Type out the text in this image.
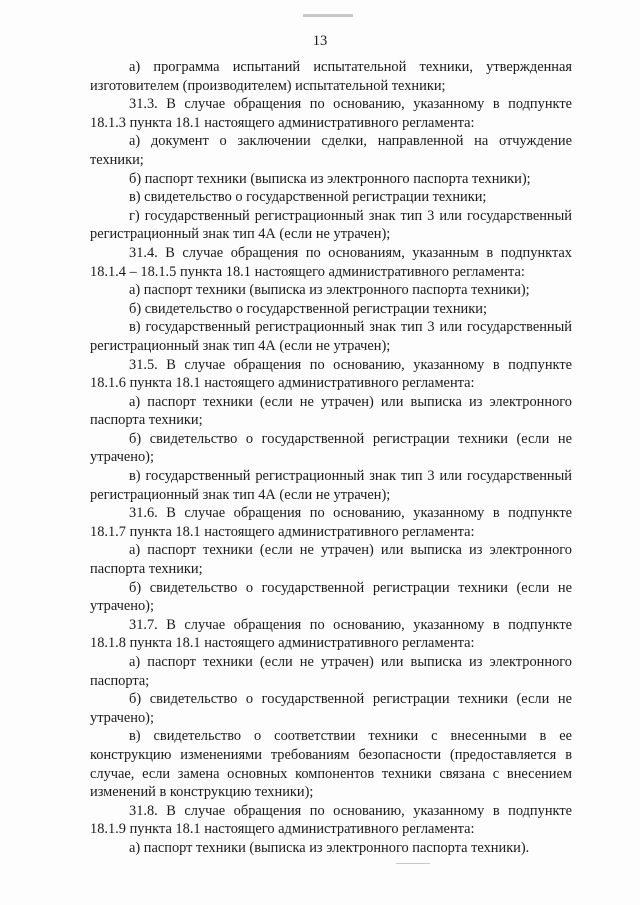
13

а) программа испытаний испытательной техники, утвержденная изготовителем (производителем) испытательной техники;

31.3. В случае обращения по основанию, указанному в подпункте 18.1.3 пункта 18.1 настоящего административного регламента:

а) документ о заключении сделки, направленной на отчуждение техники;

б) паспорт техники (выписка из электронного паспорта техники);

в) свидетельство о государственной регистрации техники;

г) государственный регистрационный знак тип 3 или государственный регистрационный знак тип 4А (если не утрачен);

31.4. В случае обращения по основаниям, указанным в подпунктах 18.1.4 – 18.1.5 пункта 18.1 настоящего административного регламента:

а) паспорт техники (выписка из электронного паспорта техники);

б) свидетельство о государственной регистрации техники;

в) государственный регистрационный знак тип 3 или государственный регистрационный знак тип 4А (если не утрачен);

31.5. В случае обращения по основанию, указанному в подпункте 18.1.6 пункта 18.1 настоящего административного регламента:

а) паспорт техники (если не утрачен) или выписка из электронного паспорта техники;

б) свидетельство о государственной регистрации техники (если не утрачено);

в) государственный регистрационный знак тип 3 или государственный регистрационный знак тип 4А (если не утрачен);

31.6. В случае обращения по основанию, указанному в подпункте 18.1.7 пункта 18.1 настоящего административного регламента:

а) паспорт техники (если не утрачен) или выписка из электронного паспорта техники;

б) свидетельство о государственной регистрации техники (если не утрачено);

31.7. В случае обращения по основанию, указанному в подпункте 18.1.8 пункта 18.1 настоящего административного регламента:

а) паспорт техники (если не утрачен) или выписка из электронного паспорта;

б) свидетельство о государственной регистрации техники (если не утрачено);

в) свидетельство о соответствии техники с внесенными в ее конструкцию изменениями требованиям безопасности (предоставляется в случае, если замена основных компонентов техники связана с внесением изменений в конструкцию техники);

31.8. В случае обращения по основанию, указанному в подпункте 18.1.9 пункта 18.1 настоящего административного регламента:

а) паспорт техники (выписка из электронного паспорта техники).
